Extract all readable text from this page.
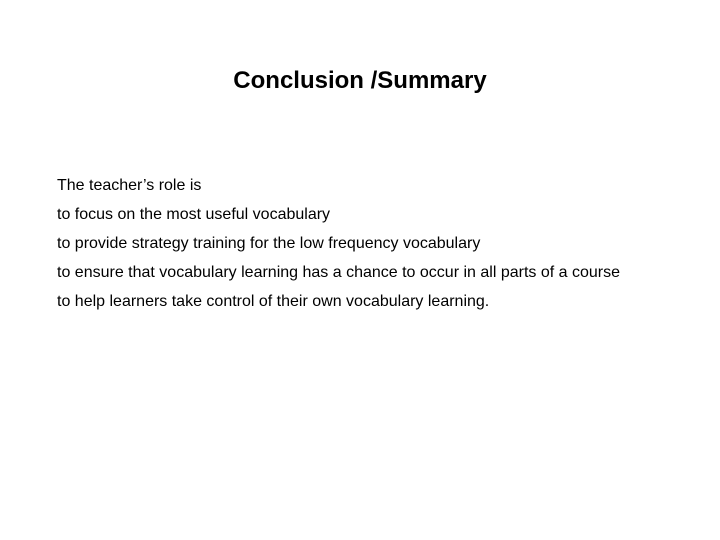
Conclusion /Summary
The teacher’s role is
to focus on the most useful vocabulary
to provide strategy training for the low frequency vocabulary
to ensure that vocabulary learning has a chance to occur in all parts of a course
to help learners take control of their own vocabulary learning.
